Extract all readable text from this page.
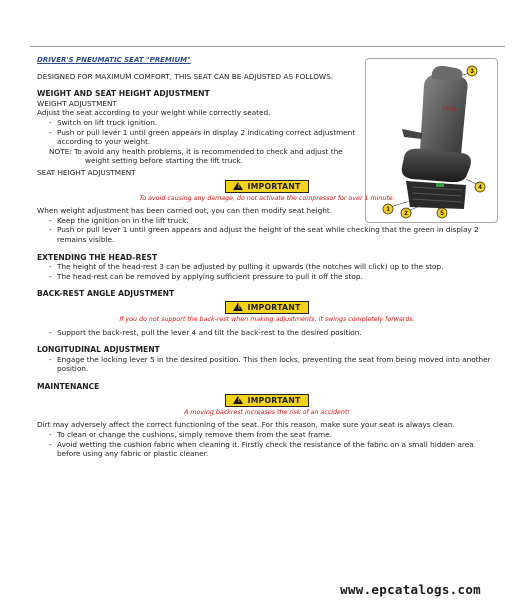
Linde
3
4
1
2	5
DRIVER'S PNEUMATIC SEAT "PREMIUM"

DESIGNED FOR MAXIMUM COMFORT, THIS SEAT CAN BE ADJUSTED AS FOLLOWS.

WEIGHT AND SEAT HEIGHT ADJUSTMENT

WEIGHT ADJUSTMENT

Adjust the seat according to your weight while correctly seated.

- Switch on lift truck ignition.
- Push or pull lever 1 until green appears in display 2 indicating correct adjustment according to your weight.
NOTE: To avoid any health problems, it is recommended to check and adjust the
weight setting before starting the lift truck.

SEAT HEIGHT ADJUSTMENT

!
IMPORTANT
To avoid causing any damage, do not activate the compressor for over 1 minute.

When weight adjustment has been carried out, you can then modify seat height.

- Keep the ignition on in the lift truck.
- Push or pull lever 1 until green appears and adjust the height of the seat while checking that the green in display 2 remains visible.
EXTENDING THE HEAD-REST
- The height of the head-rest 3 can be adjusted by pulling it upwards (the notches will click) up to the stop.
- The head-rest can be removed by applying sufficient pressure to pull it off the stop.
BACK-REST ANGLE ADJUSTMENT
!
IMPORTANT
If you do not support the back-rest when making adjustments, it swings completely forwards.
- Support the back-rest, pull the lever 4 and tilt the back-rest to the desired position.
LONGITUDINAL ADJUSTMENT
- Engage the locking lever 5 in the desired position. This then locks, preventing the seat from being moved into another position.
MAINTENANCE
!
IMPORTANT
A moving backrest increases the risk of an accident!

Dirt may adversely affect the correct functioning of the seat. For this reason, make sure your seat is always clean.

- To clean or change the cushions, simply remove them from the seat frame.
- Avoid wetting the cushion fabric when cleaning it. Firstly check the resistance of the fabric on a small hidden area before using any fabric or plastic cleaner.
www.epcatalogs.com
